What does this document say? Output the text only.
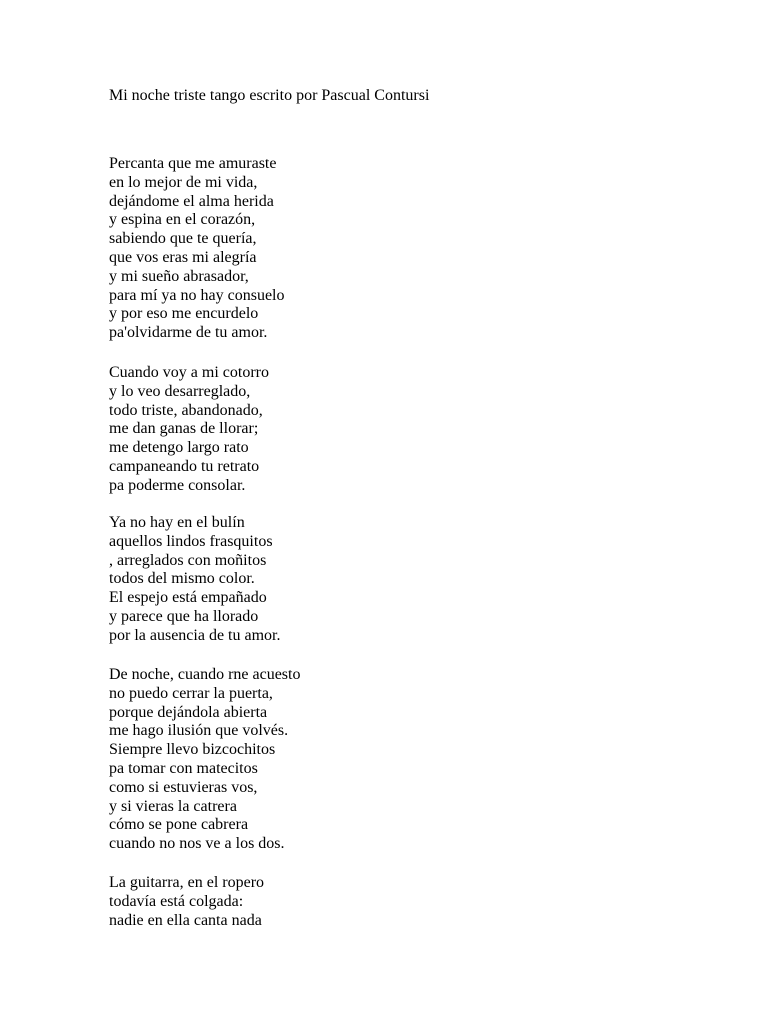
Mi noche triste tango escrito por Pascual Contursi
Percanta que me amuraste
en lo mejor de mi vida,
dejándome el alma herida
y espina en el corazón,
sabiendo que te quería,
que vos eras mi alegría
y mi sueño abrasador,
para mí ya no hay consuelo
y por eso me encurdelo
pa'olvidarme de tu amor.
Cuando voy a mi cotorro
y lo veo desarreglado,
todo triste, abandonado,
me dan ganas de llorar;
me detengo largo rato
campaneando tu retrato
pa poderme consolar.
Ya no hay en el bulín
aquellos lindos frasquitos
, arreglados con moñitos
todos del mismo color.
El espejo está empañado
y parece que ha llorado
por la ausencia de tu amor.
De noche, cuando rne acuesto
no puedo cerrar la puerta,
porque dejándola abierta
me hago ilusión que volvés.
Siempre llevo bizcochitos
pa tomar con matecitos
como si estuvieras vos,
y si vieras la catrera
cómo se pone cabrera
cuando no nos ve a los dos.
La guitarra, en el ropero
todavía está colgada:
nadie en ella canta nada
